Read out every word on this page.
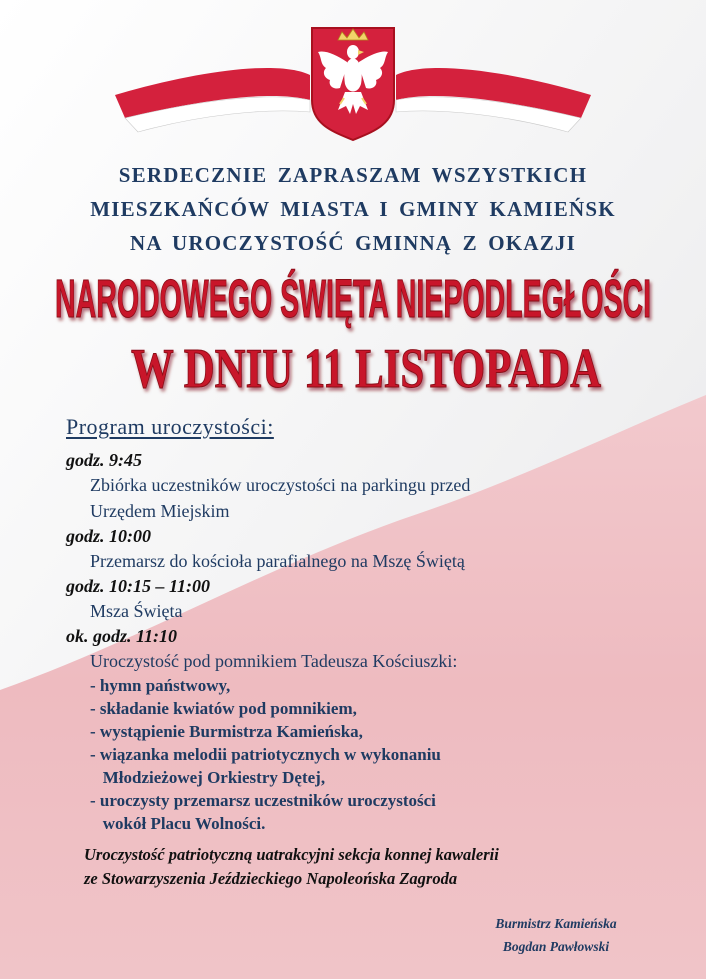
SERDECZNIE ZAPRASZAM WSZYSTKICH
MIESZKAŃCÓW MIASTA I GMINY KAMIEŃSK
NA UROCZYSTOŚĆ GMINNĄ Z OKAZJI
NARODOWEGO ŚWIĘTA NIEPODLEGŁOŚCI
W DNIU 11 LISTOPADA
Program uroczystości:
godz. 9:45
Zbiórka uczestników uroczystości na parkingu przed
Urzędem Miejskim
godz. 10:00
Przemarsz do kościoła parafialnego na Mszę Świętą
godz. 10:15 – 11:00
Msza Święta
ok. godz. 11:10
Uroczystość pod pomnikiem Tadeusza Kościuszki:
- hymn państwowy,
- składanie kwiatów pod pomnikiem,
- wystąpienie Burmistrza Kamieńska,
- wiązanka melodii patriotycznych w wykonaniu
Młodzieżowej Orkiestry Dętej,
- uroczysty przemarsz uczestników uroczystości
wokół Placu Wolności.
Uroczystość patriotyczną uatrakcyjni sekcja konnej kawalerii
ze Stowarzyszenia Jeździeckiego Napoleońska Zagroda
Burmistrz Kamieńska
Bogdan Pawłowski
